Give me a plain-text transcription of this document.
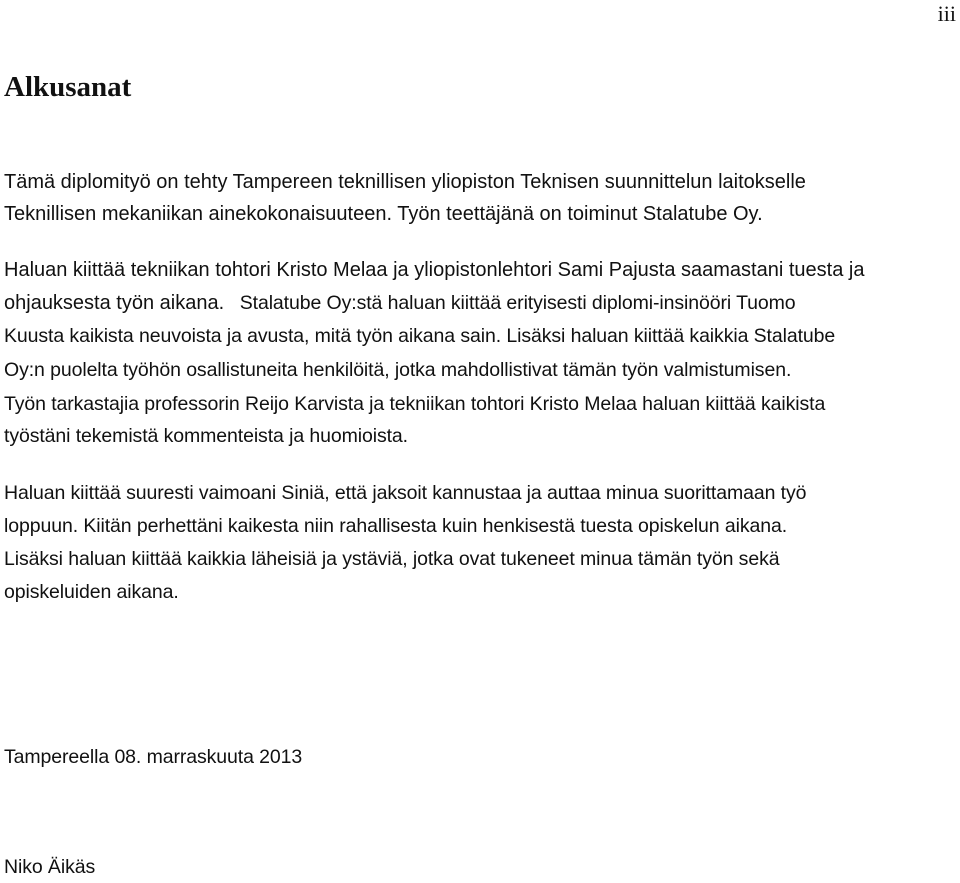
iii
Alkusanat
Tämä diplomityö on tehty Tampereen teknillisen yliopiston Teknisen suunnittelun laitokselle
Teknillisen mekaniikan ainekokonaisuuteen. Työn teettäjänä on toiminut Stalatube Oy.
Haluan kiittää tekniikan tohtori Kristo Melaa ja yliopistonlehtori Sami Pajusta saamastani tuesta ja
ohjauksesta työn aikana. Stalatube Oy:stä haluan kiittää erityisesti diplomi-insinööri Tuomo
Kuusta kaikista neuvoista ja avusta, mitä työn aikana sain. Lisäksi haluan kiittää kaikkia Stalatube
Oy:n puolelta työhön osallistuneita henkilöitä, jotka mahdollistivat tämän työn valmistumisen.
Työn tarkastajia professorin Reijo Karvista ja tekniikan tohtori Kristo Melaa haluan kiittää kaikista
työstäni tekemistä kommenteista ja huomioista.
Haluan kiittää suuresti vaimoani Siniä, että jaksoit kannustaa ja auttaa minua suorittamaan työ
loppuun. Kiitän perhettäni kaikesta niin rahallisesta kuin henkisestä tuesta opiskelun aikana.
Lisäksi haluan kiittää kaikkia läheisiä ja ystäviä, jotka ovat tukeneet minua tämän työn sekä
opiskeluiden aikana.
Tampereella 08. marraskuuta 2013
Niko Äikäs
